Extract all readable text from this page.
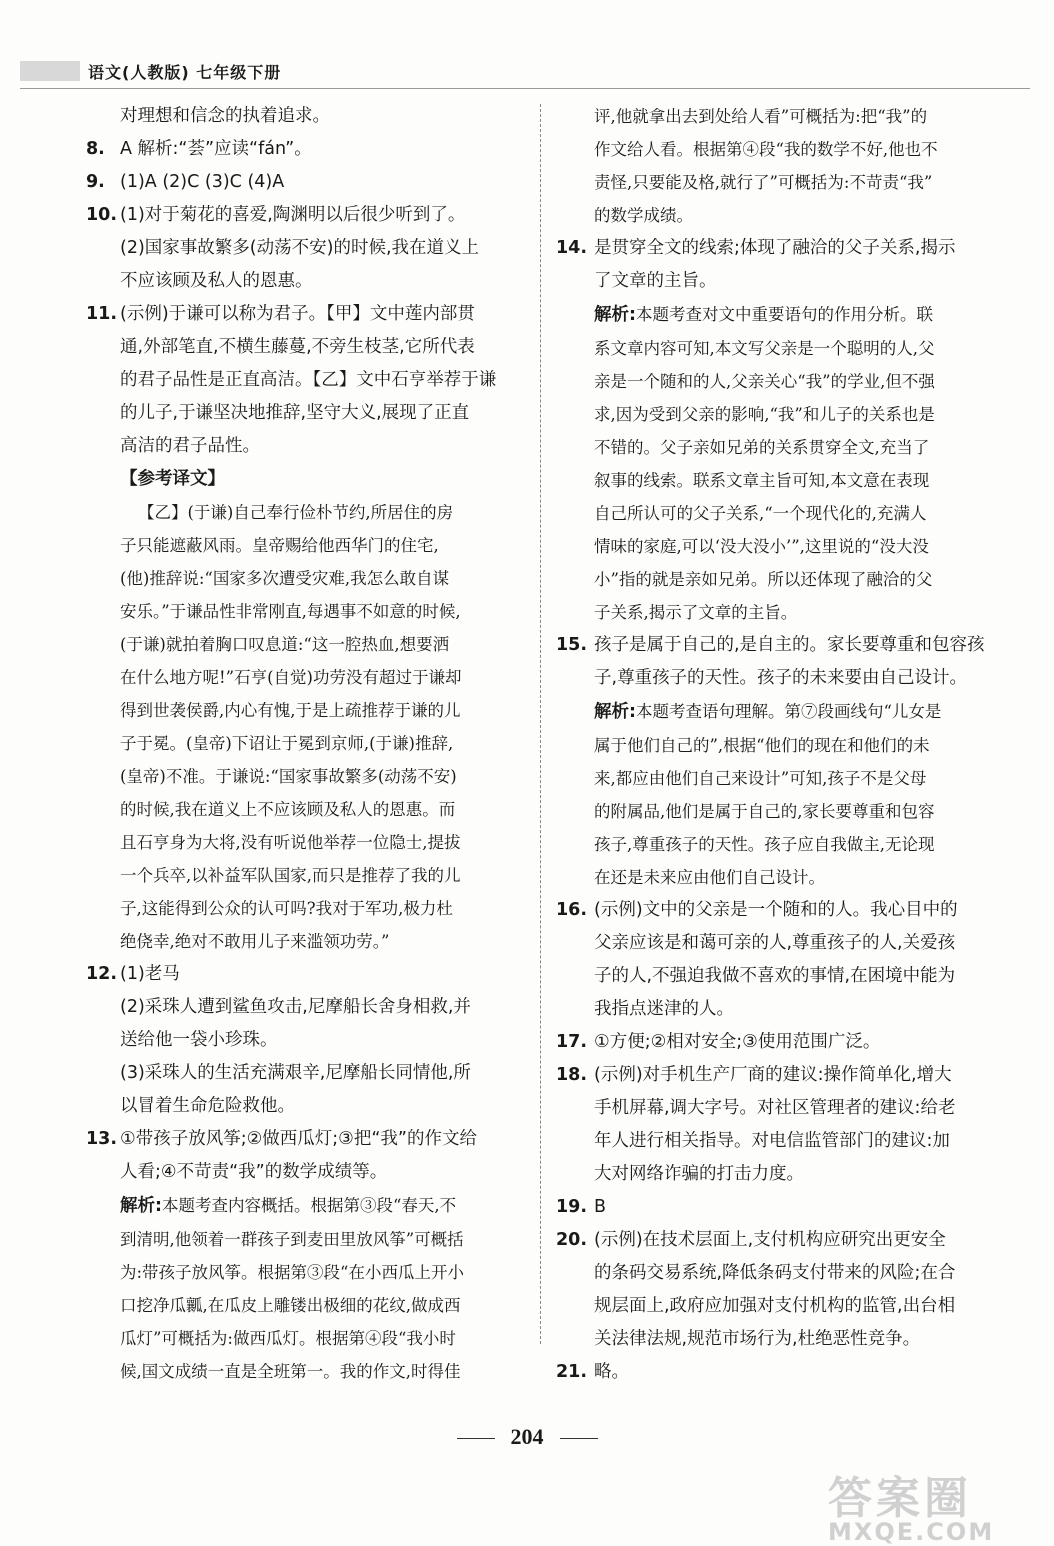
语文(人教版) 七年级下册
对理想和信念的执着追求。
8. A 解析:“荟”应读“fán”。
9. (1)A (2)C (3)C (4)A
10. (1)对于菊花的喜爱,陶渊明以后很少听到了。
(2)国家事故繁多(动荡不安)的时候,我在道义上
不应该顾及私人的恩惠。
11. (示例)于谦可以称为君子。【甲】文中莲内部贯
通,外部笔直,不横生藤蔓,不旁生枝茎,它所代表
的君子品性是正直高洁。【乙】文中石亨举荐于谦
的儿子,于谦坚决地推辞,坚守大义,展现了正直
高洁的君子品性。
【参考译文】
【乙】(于谦)自己奉行俭朴节约,所居住的房
子只能遮蔽风雨。皇帝赐给他西华门的住宅,
(他)推辞说:“国家多次遭受灾难,我怎么敢自谋
安乐。”于谦品性非常刚直,每遇事不如意的时候,
(于谦)就拍着胸口叹息道:“这一腔热血,想要洒
在什么地方呢!”石亨(自觉)功劳没有超过于谦却
得到世袭侯爵,内心有愧,于是上疏推荐于谦的儿
子于冕。(皇帝)下诏让于冕到京师,(于谦)推辞,
(皇帝)不准。于谦说:“国家事故繁多(动荡不安)
的时候,我在道义上不应该顾及私人的恩惠。而
且石亨身为大将,没有听说他举荐一位隐士,提拔
一个兵卒,以补益军队国家,而只是推荐了我的儿
子,这能得到公众的认可吗?我对于军功,极力杜
绝侥幸,绝对不敢用儿子来滥领功劳。”
12. (1)老马
(2)采珠人遭到鲨鱼攻击,尼摩船长舍身相救,并
送给他一袋小珍珠。
(3)采珠人的生活充满艰辛,尼摩船长同情他,所
以冒着生命危险救他。
13. ①带孩子放风筝;②做西瓜灯;③把“我”的作文给
人看;④不苛责“我”的数学成绩等。
解析:本题考查内容概括。根据第③段“春天,不
到清明,他领着一群孩子到麦田里放风筝”可概括
为:带孩子放风筝。根据第③段“在小西瓜上开小
口挖净瓜瓤,在瓜皮上雕镂出极细的花纹,做成西
瓜灯”可概括为:做西瓜灯。根据第④段“我小时
候,国文成绩一直是全班第一。我的作文,时得佳
评,他就拿出去到处给人看”可概括为:把“我”的
作文给人看。根据第④段“我的数学不好,他也不
责怪,只要能及格,就行了”可概括为:不苛责“我”
的数学成绩。
14. 是贯穿全文的线索;体现了融洽的父子关系,揭示
了文章的主旨。
解析:本题考查对文中重要语句的作用分析。联
系文章内容可知,本文写父亲是一个聪明的人,父
亲是一个随和的人,父亲关心“我”的学业,但不强
求,因为受到父亲的影响,“我”和儿子的关系也是
不错的。父子亲如兄弟的关系贯穿全文,充当了
叙事的线索。联系文章主旨可知,本文意在表现
自己所认可的父子关系,“一个现代化的,充满人
情味的家庭,可以‘没大没小’”,这里说的“没大没
小”指的就是亲如兄弟。所以还体现了融洽的父
子关系,揭示了文章的主旨。
15. 孩子是属于自己的,是自主的。家长要尊重和包容孩
子,尊重孩子的天性。孩子的未来要由自己设计。
解析:本题考查语句理解。第⑦段画线句“儿女是
属于他们自己的”,根据“他们的现在和他们的未
来,都应由他们自己来设计”可知,孩子不是父母
的附属品,他们是属于自己的,家长要尊重和包容
孩子,尊重孩子的天性。孩子应自我做主,无论现
在还是未来应由他们自己设计。
16. (示例)文中的父亲是一个随和的人。我心目中的
父亲应该是和蔼可亲的人,尊重孩子的人,关爱孩
子的人,不强迫我做不喜欢的事情,在困境中能为
我指点迷津的人。
17. ①方便;②相对安全;③使用范围广泛。
18. (示例)对手机生产厂商的建议:操作简单化,增大
手机屏幕,调大字号。对社区管理者的建议:给老
年人进行相关指导。对电信监管部门的建议:加
大对网络诈骗的打击力度。
19. B
20. (示例)在技术层面上,支付机构应研究出更安全
的条码交易系统,降低条码支付带来的风险;在合
规层面上,政府应加强对支付机构的监管,出台相
关法律法规,规范市场行为,杜绝恶性竞争。
21. 略。
204
答案圈
MXQE.COM
